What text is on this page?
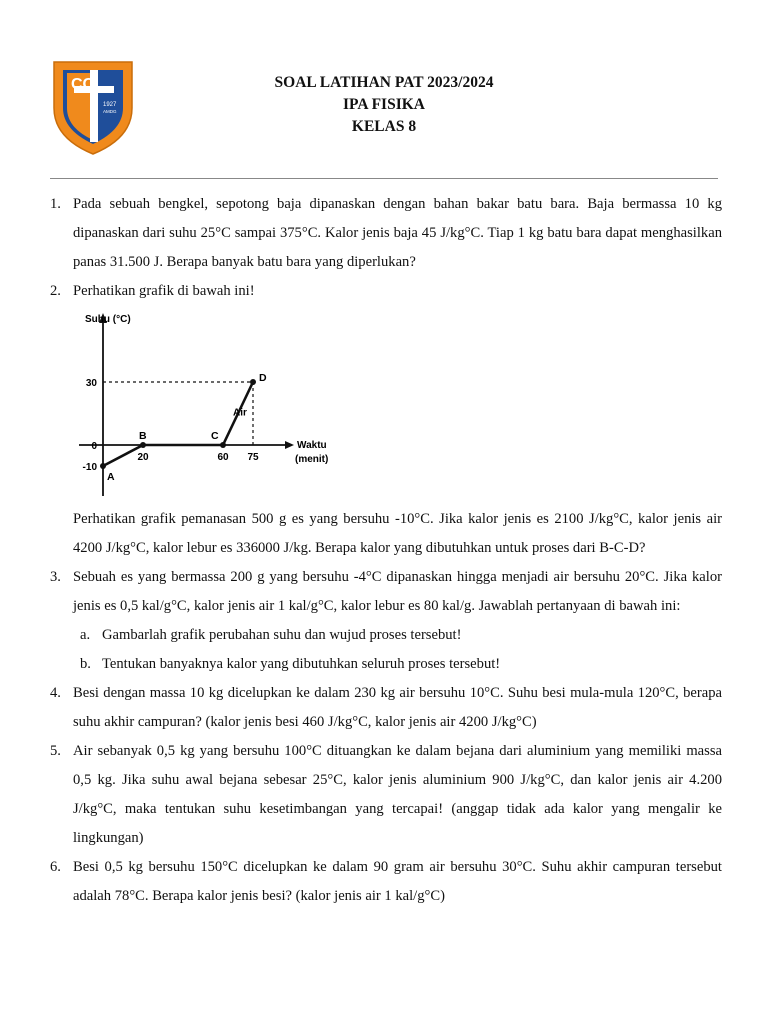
CC
1927
AMDG
SOAL LATIHAN PAT 2023/2024
IPA FISIKA
KELAS 8
1. Pada sebuah bengkel, sepotong baja dipanaskan dengan bahan bakar batu bara. Baja bermassa 10 kg dipanaskan dari suhu 25°C sampai 375°C. Kalor jenis baja 45 J/kg°C. Tiap 1 kg batu bara dapat menghasilkan panas 31.500 J. Berapa banyak batu bara yang diperlukan?
2. Perhatikan grafik di bawah ini!
Suhu (°C)
Waktu
(menit)
30
0
-10
20	60 75
A
B	C
D
Air
Perhatikan grafik pemanasan 500 g es yang bersuhu -10°C. Jika kalor jenis es 2100 J/kg°C, kalor jenis air 4200 J/kg°C, kalor lebur es 336000 J/kg. Berapa kalor yang dibutuhkan untuk proses dari B-C-D?
3. Sebuah es yang bermassa 200 g yang bersuhu -4°C dipanaskan hingga menjadi air bersuhu 20°C. Jika kalor jenis es 0,5 kal/g°C, kalor jenis air 1 kal/g°C, kalor lebur es 80 kal/g. Jawablah pertanyaan di bawah ini:
a. Gambarlah grafik perubahan suhu dan wujud proses tersebut!
b. Tentukan banyaknya kalor yang dibutuhkan seluruh proses tersebut!
4. Besi dengan massa 10 kg dicelupkan ke dalam 230 kg air bersuhu 10°C. Suhu besi mula-mula 120°C, berapa suhu akhir campuran? (kalor jenis besi 460 J/kg°C, kalor jenis air 4200 J/kg°C)
5. Air sebanyak 0,5 kg yang bersuhu 100°C dituangkan ke dalam bejana dari aluminium yang memiliki massa 0,5 kg. Jika suhu awal bejana sebesar 25°C, kalor jenis aluminium 900 J/kg°C, dan kalor jenis air 4.200 J/kg°C, maka tentukan suhu kesetimbangan yang tercapai! (anggap tidak ada kalor yang mengalir ke lingkungan)
6. Besi 0,5 kg bersuhu 150°C dicelupkan ke dalam 90 gram air bersuhu 30°C. Suhu akhir campuran tersebut adalah 78°C. Berapa kalor jenis besi? (kalor jenis air 1 kal/g°C)
